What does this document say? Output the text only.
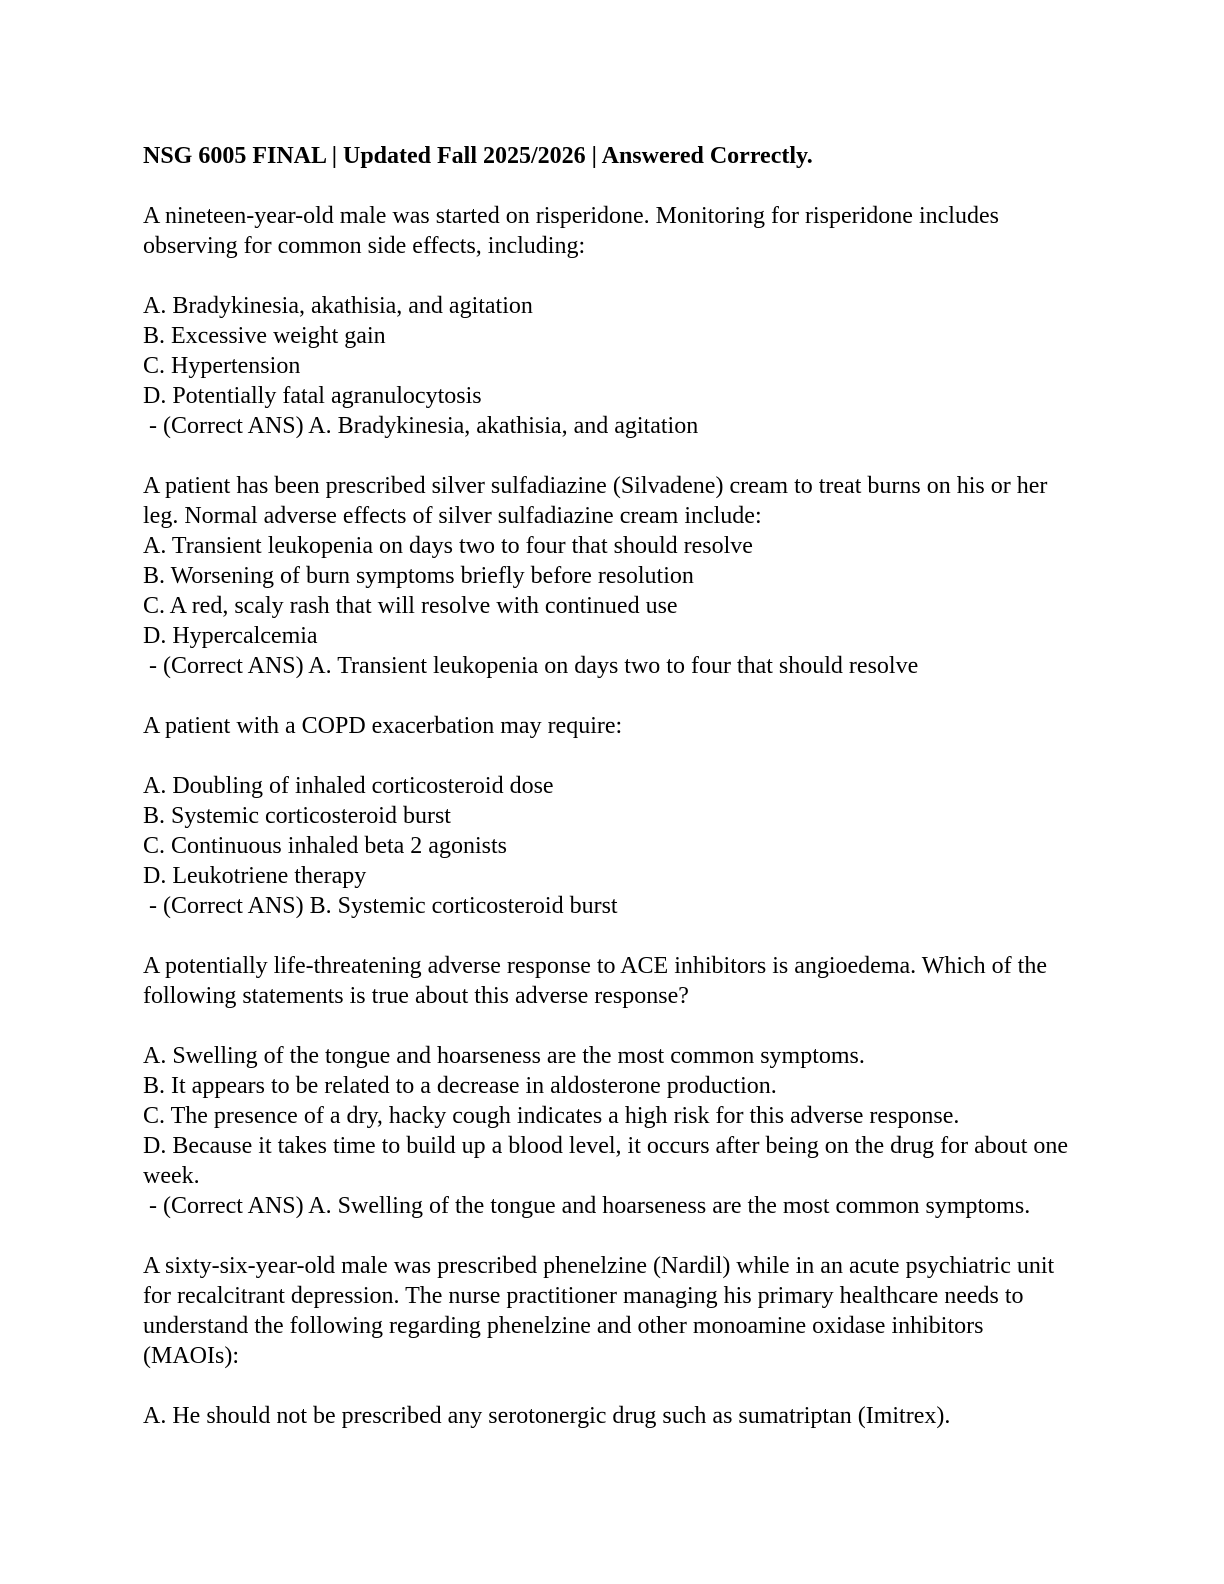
NSG 6005 FINAL | Updated Fall 2025/2026 | Answered Correctly.
A nineteen-year-old male was started on risperidone. Monitoring for risperidone includes observing for common side effects, including:
A. Bradykinesia, akathisia, and agitation
B. Excessive weight gain
C. Hypertension
D. Potentially fatal agranulocytosis
- (Correct ANS) A. Bradykinesia, akathisia, and agitation
A patient has been prescribed silver sulfadiazine (Silvadene) cream to treat burns on his or her leg. Normal adverse effects of silver sulfadiazine cream include:
A. Transient leukopenia on days two to four that should resolve
B. Worsening of burn symptoms briefly before resolution
C. A red, scaly rash that will resolve with continued use
D. Hypercalcemia
- (Correct ANS) A. Transient leukopenia on days two to four that should resolve
A patient with a COPD exacerbation may require:
A. Doubling of inhaled corticosteroid dose
B. Systemic corticosteroid burst
C. Continuous inhaled beta 2 agonists
D. Leukotriene therapy
- (Correct ANS) B. Systemic corticosteroid burst
A potentially life-threatening adverse response to ACE inhibitors is angioedema. Which of the following statements is true about this adverse response?
A. Swelling of the tongue and hoarseness are the most common symptoms.
B. It appears to be related to a decrease in aldosterone production.
C. The presence of a dry, hacky cough indicates a high risk for this adverse response.
D. Because it takes time to build up a blood level, it occurs after being on the drug for about one week.
- (Correct ANS) A. Swelling of the tongue and hoarseness are the most common symptoms.
A sixty-six-year-old male was prescribed phenelzine (Nardil) while in an acute psychiatric unit for recalcitrant depression. The nurse practitioner managing his primary healthcare needs to understand the following regarding phenelzine and other monoamine oxidase inhibitors (MAOIs):
A. He should not be prescribed any serotonergic drug such as sumatriptan (Imitrex).
